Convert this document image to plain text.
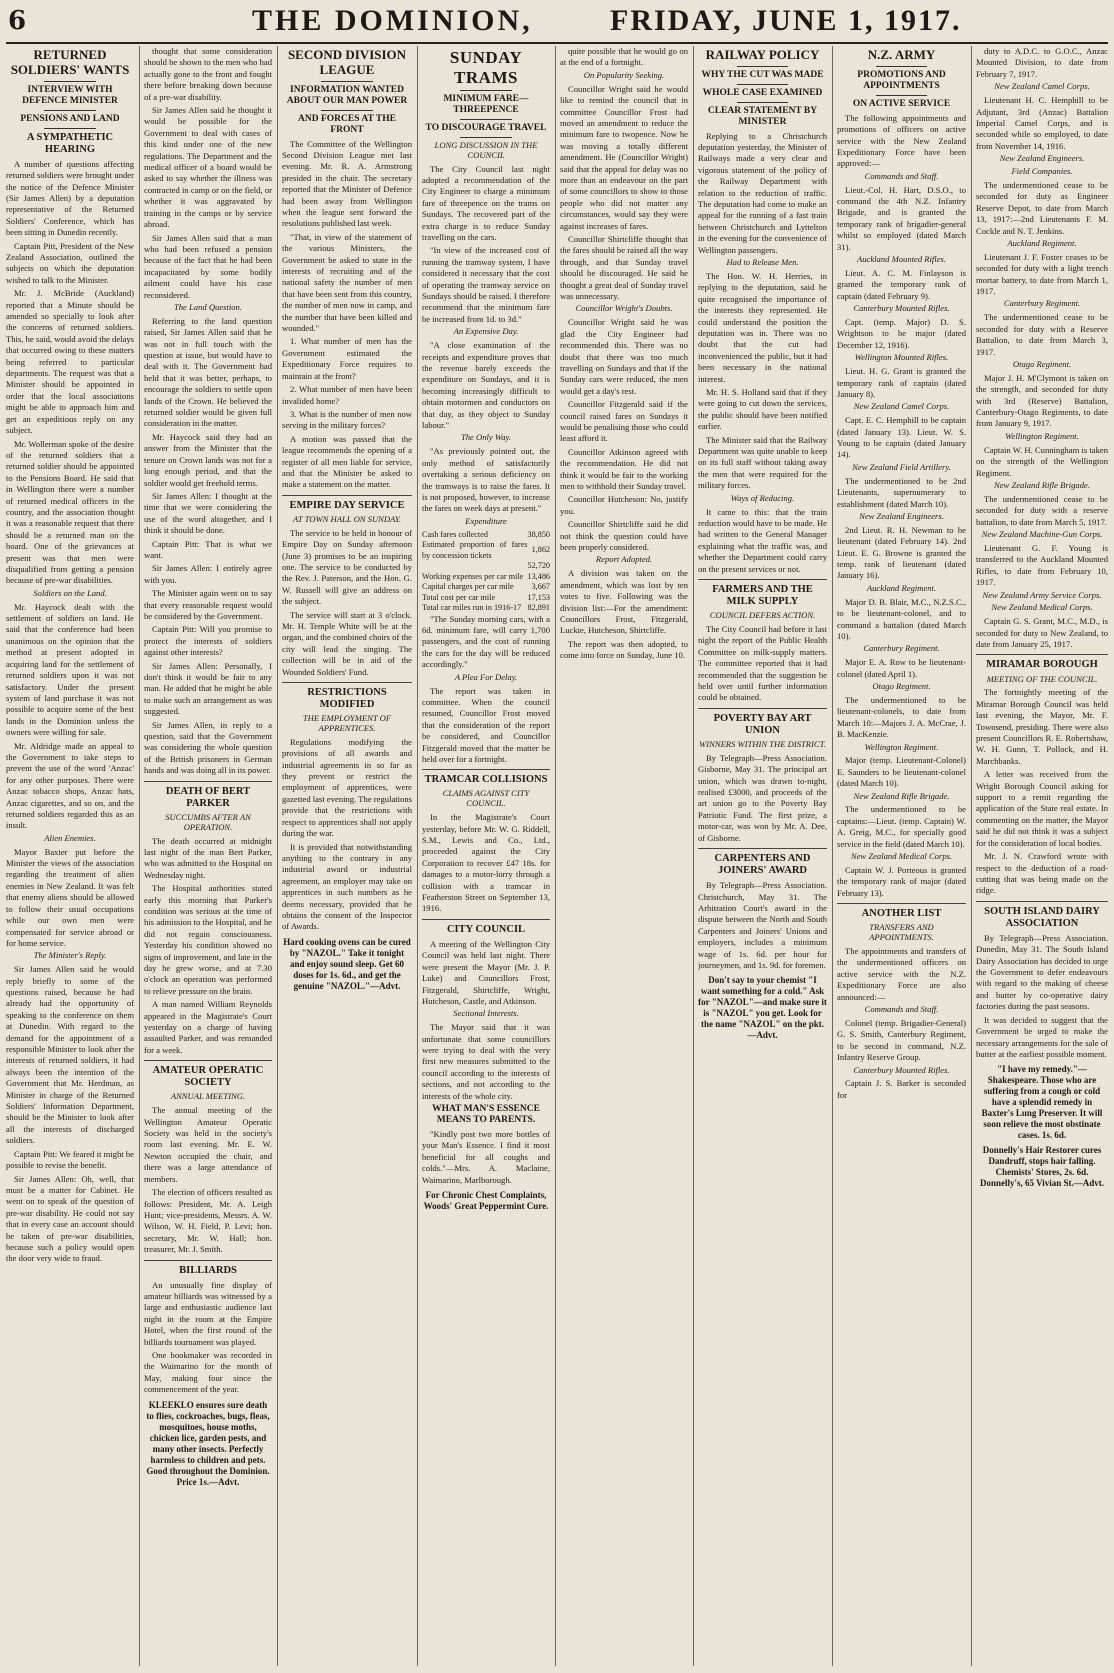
6	THE DOMINION,	FRIDAY, JUNE 1, 1917.
RETURNED SOLDIERS' WANTS
INTERVIEW WITH DEFENCE MINISTER
PENSIONS AND LAND
A SYMPATHETIC HEARING

A number of questions affecting returned soldiers were brought under the notice of the Defence Minister (Sir James Allen) by a deputation representative of the Returned Soldiers' Conference, which has been sitting in Dunedin recently.

Captain Pitt, President of the New Zealand Association, outlined the subjects on which the deputation wished to talk to the Minister.

Mr. J. McBride (Auckland) reported that a Minute should be amended so specially to look after the concerns of returned soldiers. This, he said, would avoid the delays that occurred owing to these matters being referred to particular departments. The request was that a Minister should be appointed in order that the local associations might be able to approach him and get an expeditious reply on any subject.

Mr. Wollerman spoke of the desire of the returned soldiers that a returned soldier should be appointed to the Pensions Board. He said that in Wellington there were a number of returned medical officers in the country, and the association thought it was a reasonable request that there should be a returned man on the board. One of the grievances at present was that men were disqualified from getting a pension because of pre-war disabilities.

Soldiers on the Land.

Mr. Haycock dealt with the settlement of soldiers on land. He said that the conference had been unanimous on the opinion that the method at present adopted in acquiring land for the settlement of returned soldiers upon it was not satisfactory. Under the present system of land purchase it was not possible to acquire some of the best lands in the Dominion unless the owners were willing for sale.

Mr. Aldridge made an appeal to the Government to take steps to prevent the use of the word 'Anzac' for any other purposes. There were Anzac tobacco shops, Anzac hats, Anzac cigarettes, and so on, and the returned soldiers regarded this as an insult.

Alien Enemies.

Mayor Baxter put before the Minister the views of the association regarding the treatment of alien enemies in New Zealand. It was felt that enemy aliens should be allowed to follow their usual occupations while our own men were compensated for service abroad or for home service.

The Minister's Reply.

Sir James Allen said he would reply briefly to some of the questions raised, because he had already had the opportunity of speaking to the conference on them at Dunedin. With regard to the demand for the appointment of a responsible Minister to look after the interests of returned soldiers, it had always been the intention of the Government that Mr. Herdman, as Minister in charge of the Returned Soldiers' Information Department, should be the Minister to look after all the interests of discharged soldiers.

Captain Pitt: We feared it might be possible to revise the benefit.

Sir James Allen: Oh, well, that must be a matter for Cabinet. He went on to speak of the question of pre-war disability. He could not say that in every case an account should be taken of pre-war disabilities, because such a policy would open the door very wide to fraud.

thought that some consideration should be shown to the men who had actually gone to the front and fought there before breaking down because of a pre-war disability.

Sir James Allen said he thought it would be possible for the Government to deal with cases of this kind under one of the new regulations. The Department and the medical officer of a board would be asked to say whether the illness was contracted in camp or on the field, or whether it was aggravated by training in the camps or by service abroad.

Sir James Allen said that a man who had been refused a pension because of the fact that he had been incapacitated by some bodily ailment could have his case reconsidered.

The Land Question.

Referring to the land question raised, Sir James Allen said that he was not in full touch with the question at issue, but would have to deal with it. The Government had held that it was better, perhaps, to encourage the soldiers to settle upon lands of the Crown. He believed the returned soldier would be given full consideration in the matter.

Mr. Haycock said they had an answer from the Minister that the tenure on Crown lands was not for a long enough period, and that the soldier would get freehold terms.

Sir James Allen: I thought at the time that we were considering the use of the word altogether, and I think it should be done.

Captain Pitt: That is what we want.

Sir James Allen: I entirely agree with you.

The Minister again went on to say that every reasonable request would be considered by the Government.

Captain Pitt: Will you promise to protect the interests of soldiers against other interests?

Sir James Allen: Personally, I don't think it would be fair to any man. He added that he might be able to make such an arrangement as was suggested.

Sir James Allen, in reply to a question, said that the Government was considering the whole question of the British prisoners in German hands and was doing all in its power.

DEATH OF BERT PARKER
SUCCUMBS AFTER AN OPERATION.

The death occurred at midnight last night of the man Bert Parker, who was admitted to the Hospital on Wednesday night.

The Hospital authorities stated early this morning that Parker's condition was serious at the time of his admission to the Hospital, and he did not regain consciousness. Yesterday his condition showed no signs of improvement, and late in the day he grew worse, and at 7.30 o'clock an operation was performed to relieve pressure on the brain.

A man named William Reynolds appeared in the Magistrate's Court yesterday on a charge of having assaulted Parker, and was remanded for a week.

AMATEUR OPERATIC SOCIETY
ANNUAL MEETING.

The annual meeting of the Wellington Amateur Operatic Society was held in the society's room last evening. Mr. E. W. Newton occupied the chair, and there was a large attendance of members.

The election of officers resulted as follows: President, Mr. A. Leigh Hunt; vice-presidents, Messrs. A. W. Wilson, W. H. Field, P. Levi; hon. secretary, Mr. W. Hall; hon. treasurer, Mr. J. Smith.

BILLIARDS

An unusually fine display of amateur billiards was witnessed by a large and enthusiastic audience last night in the room at the Empire Hotel, when the first round of the billiards tournament was played.

One bookmaker was recorded in the Waimarino for the month of May, making four since the commencement of the year.

KLEEKLO ensures sure death to flies, cockroaches, bugs, fleas, mosquitoes, house moths, chicken lice, garden pests, and many other insects. Perfectly harmless to children and pets. Good throughout the Dominion. Price 1s.—Advt.
SECOND DIVISION LEAGUE
INFORMATION WANTED ABOUT OUR MAN POWER
AND FORCES AT THE FRONT

The Committee of the Wellington Second Division League met last evening. Mr. R. A. Armstrong presided in the chair. The secretary reported that the Minister of Defence had been away from Wellington when the league sent forward the resolutions published last week.

"That, in view of the statement of the various Ministers, the Government be asked to state in the interests of recruiting and of the national safety the number of men that have been sent from this country, the number of men now in camp, and the number that have been killed and wounded."

1. What number of men has the Government estimated the Expeditionary Force requires to maintain at the front?

2. What number of men have been invalided home?

3. What is the number of men now serving in the military forces?

A motion was passed that the league recommends the opening of a register of all men liable for service, and that the Minister be asked to make a statement on the matter.

EMPIRE DAY SERVICE
AT TOWN HALL ON SUNDAY.

The service to be held in honour of Empire Day on Sunday afternoon (June 3) promises to be an inspiring one. The service to be conducted by the Rev. J. Paterson, and the Hon. G. W. Russell will give an address on the subject.

The service will start at 3 o'clock. Mr. H. Temple White will be at the organ, and the combined choirs of the city will lead the singing. The collection will be in aid of the Wounded Soldiers' Fund.

RESTRICTIONS MODIFIED
THE EMPLOYMENT OF APPRENTICES.

Regulations modifying the provisions of all awards and industrial agreements in so far as they prevent or restrict the employment of apprentices, were gazetted last evening. The regulations provide that the restrictions with respect to apprentices shall not apply during the war.

It is provided that notwithstanding anything to the contrary in any industrial award or industrial agreement, an employer may take on apprentices in such numbers as he deems necessary, provided that he obtains the consent of the Inspector of Awards.

Hard cooking ovens can be cured by "NAZOL." Take it tonight and enjoy sound sleep. Get 60 doses for 1s. 6d., and get the genuine "NAZOL."—Advt.
SUNDAY TRAMS
MINIMUM FARE—THREEPENCE
TO DISCOURAGE TRAVEL
LONG DISCUSSION IN THE COUNCIL

The City Council last night adopted a recommendation of the City Engineer to charge a minimum fare of threepence on the trams on Sundays. The recovered part of the extra charge is to reduce Sunday travelling on the cars.

"In view of the increased cost of running the tramway system, I have considered it necessary that the cost of operating the tramway service on Sundays should be raised. I therefore recommend that the minimum fare be increased from 1d. to 3d."

An Expensive Day.

"A close examination of the receipts and expenditure proves that the revenue barely exceeds the expenditure on Sundays, and it is becoming increasingly difficult to obtain motormen and conductors on that day, as they object to Sunday labour."

The Only Way.

"As previously pointed out, the only method of satisfactorily overtaking a serious deficiency on the tramways is to raise the fares. It is not proposed, however, to increase the fares on week days at present."

Expenditure
Cash fares collected	38,850
Estimated proportion of fares by concession tickets	1,862
	52,720
Working expenses per car mile	13,486
Capital charges per car mile	3,667
Total cost per car mile	17,153
Total car miles run in 1916-17	82,891

"The Sunday morning cars, with a 6d. minimum fare, will carry 1,700 passengers, and the cost of running the cars for the day will be reduced accordingly."

A Plea For Delay.

The report was taken in committee. When the council resumed, Councillor Frost moved that the consideration of the report be considered, and Councillor Fitzgerald moved that the matter be held over for a fortnight.

TRAMCAR COLLISIONS
CLAIMS AGAINST CITY COUNCIL.

In the Magistrate's Court yesterday, before Mr. W. G. Riddell, S.M., Lewis and Co., Ltd., proceeded against the City Corporation to recover £47 18s. for damages to a motor-lorry through a collision with a tramcar in Featherston Street on September 13, 1916.

CITY COUNCIL

A meeting of the Wellington City Council was held last night. There were present the Mayor (Mr. J. P. Luke) and Councillors Frost, Fitzgerald, Shirtcliffe, Wright, Hutcheson, Castle, and Atkinson.

Sectional Interests.

The Mayor said that it was unfortunate that some councillors were trying to deal with the very first new measures submitted to the council according to the interests of sections, and not according to the interests of the whole city.

WHAT MAN'S ESSENCE MEANS TO PARENTS.

"Kindly post two more bottles of your Man's Essence. I find it most beneficial for all coughs and colds."—Mrs. A. Maclaine, Waimarino, Marlborough.

For Chronic Chest Complaints, Woods' Great Peppermint Cure.

quite possible that he would go on at the end of a fortnight.

On Popularity Seeking.

Councillor Wright said he would like to remind the council that in committee Councillor Frost had moved an amendment to reduce the minimum fare to twopence. Now he was moving a totally different amendment. He (Councillor Wright) said that the appeal for delay was no more than an endeavour on the part of some councillors to show to those people who did not matter any circumstances, would say they were against increases of fares.

Councillor Shirtcliffe thought that the fares should be raised all the way through, and that Sunday travel should be discouraged. He said he thought a great deal of Sunday travel was unnecessary.

Councillor Wright's Doubts.

Councillor Wright said he was glad the City Engineer had recommended this. There was no doubt that there was too much travelling on Sundays and that if the Sunday cars were reduced, the men would get a day's rest.

Councillor Fitzgerald said if the council raised fares on Sundays it would be penalising those who could least afford it.

Councillor Atkinson agreed with the recommendation. He did not think it would be fair to the working men to withhold their Sunday travel.

Councillor Hutcheson: No, justify you.

Councillor Shirtcliffe said he did not think the question could have been properly considered.

Report Adopted.

A division was taken on the amendment, which was lost by ten votes to five. Following was the division list:—For the amendment: Councillors Frost, Fitzgerald, Luckie, Hutcheson, Shirtcliffe.

The report was then adopted, to come into force on Sunday, June 10.

RAILWAY POLICY
WHY THE CUT WAS MADE
WHOLE CASE EXAMINED
CLEAR STATEMENT BY MINISTER

Replying to a Christchurch deputation yesterday, the Minister of Railways made a very clear and vigorous statement of the policy of the Railway Department with relation to the reduction of traffic. The deputation had come to make an appeal for the running of a fast train between Christchurch and Lyttelton in the evening for the convenience of Wellington passengers.

Had to Release Men.

The Hon. W. H. Herries, in replying to the deputation, said he quite recognised the importance of the interests they represented. He could understand the position the deputation was in. There was no doubt that the cut had inconvenienced the public, but it had been necessary in the national interest.

Mr. H. S. Holland said that if they were going to cut down the services, the public should have been notified earlier.

The Minister said that the Railway Department was quite unable to keep on its full staff without taking away the men that were required for the military forces.

Ways of Reducing.

It came to this: that the train reduction would have to be made. He had written to the General Manager explaining what the traffic was, and whether the Department could carry on the present services or not.

FARMERS AND THE MILK SUPPLY
COUNCIL DEFERS ACTION.

The City Council had before it last night the report of the Public Health Committee on milk-supply matters. The committee reported that it had recommended that the suggestion be held over until further information could be obtained.

POVERTY BAY ART UNION
WINNERS WITHIN THE DISTRICT.

By Telegraph—Press Association. Gisborne, May 31. The principal art union, which was drawn to-night, realised £3000, and proceeds of the art union go to the Poverty Bay Patriotic Fund. The first prize, a motor-car, was won by Mr. A. Dee, of Gisborne.

CARPENTERS AND JOINERS' AWARD

By Telegraph—Press Association. Christchurch, May 31. The Arbitration Court's award in the dispute between the North and South Carpenters and Joiners' Unions and employers, includes a minimum wage of 1s. 6d. per hour for journeymen, and 1s. 9d. for foremen.

Don't say to your chemist "I want something for a cold." Ask for "NAZOL"—and make sure it is "NAZOL" you get. Look for the name "NAZOL" on the pkt.—Advt.
N.Z. ARMY
PROMOTIONS AND APPOINTMENTS
ON ACTIVE SERVICE

The following appointments and promotions of officers on active service with the New Zealand Expeditionary Force have been approved:—

Commands and Staff.

Lieut.-Col. H. Hart, D.S.O., to command the 4th N.Z. Infantry Brigade, and is granted the temporary rank of brigadier-general whilst so employed (dated March 31).

Auckland Mounted Rifles.

Lieut. A. C. M. Finlayson is granted the temporary rank of captain (dated February 9).

Canterbury Mounted Rifles.

Capt. (temp. Major) D. S. Wrightson to be major (dated December 12, 1916).

Wellington Mounted Rifles.

Lieut. H. G. Grant is granted the temporary rank of captain (dated January 8).

New Zealand Camel Corps.

Capt. E. C. Hemphill to be captain (dated January 13). Lieut. W. S. Young to be captain (dated January 14).

New Zealand Field Artillery.

The undermentioned to be 2nd Lieutenants, supernumerary to establishment (dated March 10).

New Zealand Engineers.

2nd Lieut. R. H. Newman to be lieutenant (dated February 14). 2nd Lieut. E. G. Browne is granted the temp. rank of lieutenant (dated January 16).

Auckland Regiment.

Major D. B. Blair, M.C., N.Z.S.C., to be lieutenant-colonel, and to command a battalion (dated March 10).

Canterbury Regiment.

Major E. A. Row to be lieutenant-colonel (dated April 1).

Otago Regiment.

The undermentioned to be lieutenant-colonels, to date from March 10:—Majors J. A. McCrae, J. B. MacKenzie.

Wellington Regiment.

Major (temp. Lieutenant-Colonel) E. Saunders to be lieutenant-colonel (dated March 10).

New Zealand Rifle Brigade.

The undermentioned to be captains:—Lieut. (temp. Captain) W. A. Greig, M.C., for specially good service in the field (dated March 10).

New Zealand Medical Corps.

Captain W. J. Porteous is granted the temporary rank of major (dated February 13).

ANOTHER LIST
TRANSFERS AND APPOINTMENTS.

The appointments and transfers of the undermentioned officers on active service with the N.Z. Expeditionary Force are also announced:—

Commands and Staff.

Colonel (temp. Brigadier-General) G. S. Smith, Canterbury Regiment, to be second in command, N.Z. Infantry Reserve Group.

Canterbury Mounted Rifles.

Captain J. S. Barker is seconded for

duty to A.D.C. to G.O.C., Anzac Mounted Division, to date from February 7, 1917.

New Zealand Camel Corps.

Lieutenant H. C. Hemphill to be Adjutant, 3rd (Anzac) Battalion Imperial Camel Corps, and is seconded while so employed, to date from November 14, 1916.

New Zealand Engineers.
Field Companies.

The undermentioned cease to be seconded for duty as Engineer Reserve Depot, to date from March 13, 1917:—2nd Lieutenants F. M. Cockle and N. T. Jenkins.

Auckland Regiment.

Lieutenant J. F. Foster ceases to be seconded for duty with a light trench mortar battery, to date from March 1, 1917.

Canterbury Regiment.

The undermentioned cease to be seconded for duty with a Reserve Battalion, to date from March 3, 1917.

Otago Regiment.

Major J. H. M'Clymont is taken on the strength, and seconded for duty with 3rd (Reserve) Battalion, Canterbury-Otago Regiments, to date from January 9, 1917.

Wellington Regiment.

Captain W. H. Cunningham is taken on the strength of the Wellington Regiment.

New Zealand Rifle Brigade.

The undermentioned cease to be seconded for duty with a reserve battalion, to date from March 5, 1917.

New Zealand Machine-Gun Corps.

Lieutenant G. F. Young is transferred to the Auckland Mounted Rifles, to date from February 10, 1917.

New Zealand Army Service Corps.
New Zealand Medical Corps.

Captain G. S. Grant, M.C., M.D., is seconded for duty to New Zealand, to date from January 25, 1917.

MIRAMAR BOROUGH
MEETING OF THE COUNCIL.

The fortnightly meeting of the Miramar Borough Council was held last evening, the Mayor, Mr. F. Townsend, presiding. There were also present Councillors R. E. Robertshaw, W. H. Gunn, T. Pollock, and H. Marchbanks.

A letter was received from the Wright Borough Council asking for support to a remit regarding the application of the State real estate. In commenting on the matter, the Mayor said he did not think it was a subject for the consideration of local bodies.

Mr. J. N. Crawford wrote with respect to the deduction of a road-cutting that was being made on the ridge.

SOUTH ISLAND DAIRY ASSOCIATION

By Telegraph—Press Association. Dunedin, May 31. The South Island Dairy Association has decided to urge the Government to defer endeavours with regard to the making of cheese and butter by co-operative dairy factories during the past seasons.

It was decided to suggest that the Government be urged to make the necessary arrangements for the sale of butter at the earliest possible moment.

"I have my remedy."—Shakespeare. Those who are suffering from a cough or cold have a splendid remedy in Baxter's Lung Preserver. It will soon relieve the most obstinate cases. 1s. 6d.
Donnelly's Hair Restorer cures Dandruff, stops hair falling. Chemists' Stores, 2s. 6d. Donnelly's, 65 Vivian St.—Advt.
